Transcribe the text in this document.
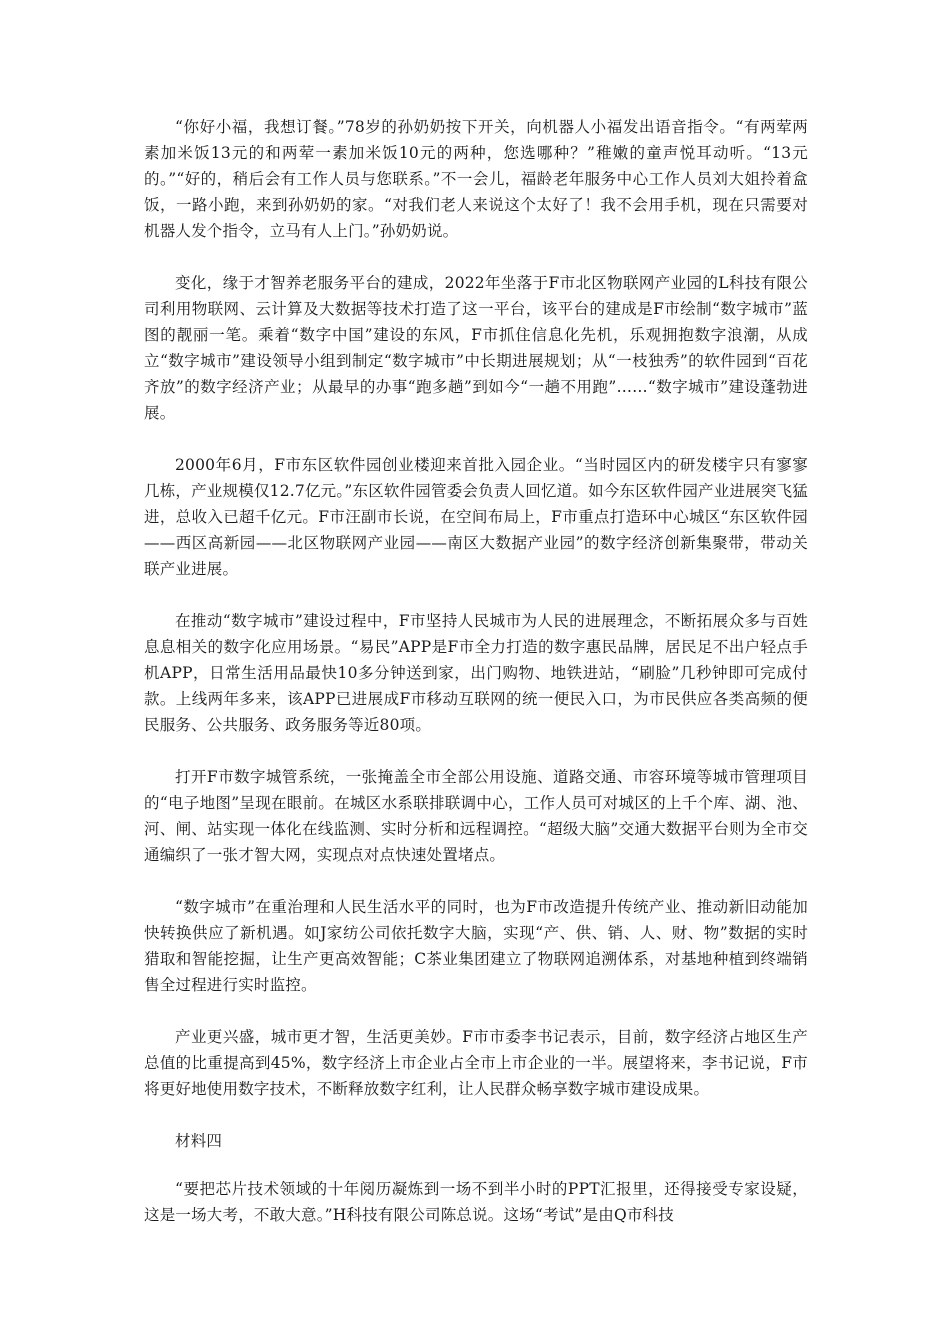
“你好小福，我想订餐。”78岁的孙奶奶按下开关，向机器人小福发出语音指令。“有两荤两素加米饭13元的和两荤一素加米饭10元的两种，您选哪种？”稚嫩的童声悦耳动听。“13元的。”“好的，稍后会有工作人员与您联系。”不一会儿，福龄老年服务中心工作人员刘大姐拎着盒饭，一路小跑，来到孙奶奶的家。“对我们老人来说这个太好了！我不会用手机，现在只需要对机器人发个指令，立马有人上门。”孙奶奶说。

变化，缘于才智养老服务平台的建成，2022年坐落于F市北区物联网产业园的L科技有限公司利用物联网、云计算及大数据等技术打造了这一平台，该平台的建成是F市绘制“数字城市”蓝图的靓丽一笔。乘着“数字中国”建设的东风，F市抓住信息化先机，乐观拥抱数字浪潮，从成立“数字城市”建设领导小组到制定“数字城市”中长期进展规划；从“一枝独秀”的软件园到“百花齐放”的数字经济产业；从最早的办事“跑多趟”到如今“一趟不用跑”……“数字城市”建设蓬勃进展。

2000年6月，F市东区软件园创业楼迎来首批入园企业。“当时园区内的研发楼宇只有寥寥几栋，产业规模仅12.7亿元。”东区软件园管委会负责人回忆道。如今东区软件园产业进展突飞猛进，总收入已超千亿元。F市汪副市长说，在空间布局上，F市重点打造环中心城区“东区软件园——西区高新园——北区物联网产业园——南区大数据产业园”的数字经济创新集聚带，带动关联产业进展。

在推动“数字城市”建设过程中，F市坚持人民城市为人民的进展理念，不断拓展众多与百姓息息相关的数字化应用场景。“易民”APP是F市全力打造的数字惠民品牌，居民足不出户轻点手机APP，日常生活用品最快10多分钟送到家，出门购物、地铁进站，“刷脸”几秒钟即可完成付款。上线两年多来，该APP已进展成F市移动互联网的统一便民入口，为市民供应各类高频的便民服务、公共服务、政务服务等近80项。

打开F市数字城管系统，一张掩盖全市全部公用设施、道路交通、市容环境等城市管理项目的“电子地图”呈现在眼前。在城区水系联排联调中心，工作人员可对城区的上千个库、湖、池、河、闸、站实现一体化在线监测、实时分析和远程调控。“超级大脑”交通大数据平台则为全市交通编织了一张才智大网，实现点对点快速处置堵点。

“数字城市”在重治理和人民生活水平的同时，也为F市改造提升传统产业、推动新旧动能加快转换供应了新机遇。如J家纺公司依托数字大脑，实现“产、供、销、人、财、物”数据的实时猎取和智能挖掘，让生产更高效智能；C茶业集团建立了物联网追溯体系，对基地种植到终端销售全过程进行实时监控。

产业更兴盛，城市更才智，生活更美妙。F市市委李书记表示，目前，数字经济占地区生产总值的比重提高到45%，数字经济上市企业占全市上市企业的一半。展望将来，李书记说，F市将更好地使用数字技术，不断释放数字红利，让人民群众畅享数字城市建设成果。

材料四

“要把芯片技术领域的十年阅历凝炼到一场不到半小时的PPT汇报里，还得接受专家设疑，这是一场大考，不敢大意。”H科技有限公司陈总说。这场“考试”是由Q市科技
